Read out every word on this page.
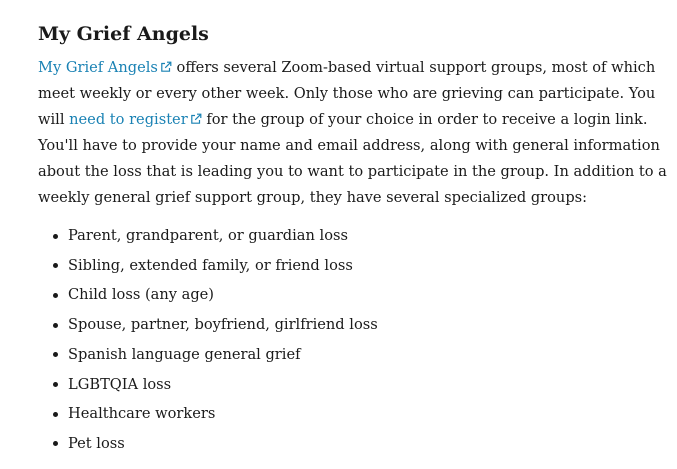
My Grief Angels

My Grief Angels offers several Zoom-based virtual support groups, most of which meet weekly or every other week. Only those who are grieving can participate. You will need to register for the group of your choice in order to receive a login link. You'll have to provide your name and email address, along with general information about the loss that is leading you to want to participate in the group. In addition to a weekly general grief support group, they have several specialized groups:

Parent, grandparent, or guardian loss
Sibling, extended family, or friend loss
Child loss (any age)
Spouse, partner, boyfriend, girlfriend loss
Spanish language general grief
LGBTQIA loss
Healthcare workers
Pet loss
